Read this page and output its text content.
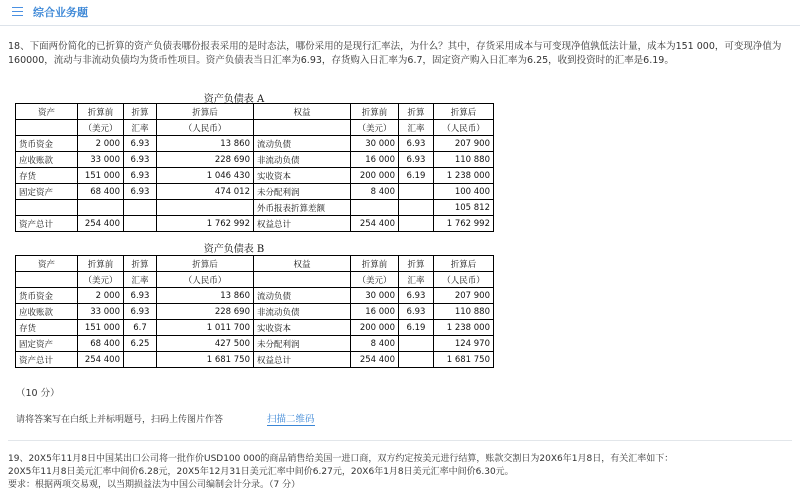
综合业务题
18、下面两份简化的已折算的资产负债表哪份报表采用的是时态法，哪份采用的是现行汇率法，为什么？其中，存货采用成本与可变现净值孰低法计量，成本为151 000，可变现净值为160000，流动与非流动负债均为货币性项目。资产负债表当日汇率为6.93，存货购入日汇率为6.7，固定资产购入日汇率为6.25，收到投资时的汇率是6.19。
资产负债表 A
资产	折算前	折算	折算后	权益	折算前	折算	折算后
	（美元）	汇率	（人民币）		（美元）	汇率	（人民币）
货币资金	2 000	6.93	13 860	流动负债	30 000	6.93	207 900
应收账款	33 000	6.93	228 690	非流动负债	16 000	6.93	110 880
存货	151 000	6.93	1 046 430	实收资本	200 000	6.19	1 238 000
固定资产	68 400	6.93	474 012	未分配利润	8 400		100 400
				外币报表折算差额			105 812
资产总计	254 400		1 762 992	权益总计	254 400		1 762 992
资产负债表 B
资产	折算前	折算	折算后	权益	折算前	折算	折算后
	（美元）	汇率	（人民币）		（美元）	汇率	（人民币）
货币资金	2 000	6.93	13 860	流动负债	30 000	6.93	207 900
应收账款	33 000	6.93	228 690	非流动负债	16 000	6.93	110 880
存货	151 000	6.7	1 011 700	实收资本	200 000	6.19	1 238 000
固定资产	68 400	6.25	427 500	未分配利润	8 400		124 970
资产总计	254 400		1 681 750	权益总计	254 400		1 681 750
（10 分）
请将答案写在白纸上并标明题号，扫码上传图片作答	扫描二维码
19、20X5年11月8日中国某出口公司将一批作价USD100 000的商品销售给美国一进口商，双方约定按美元进行结算，账款交割日为20X6年1月8日，有关汇率如下：
20X5年11月8日美元汇率中间价6.28元，20X5年12月31日美元汇率中间价6.27元，20X6年1月8日美元汇率中间价6.30元。
要求：根据两项交易观，以当期损益法为中国公司编制会计分录。（7 分）
